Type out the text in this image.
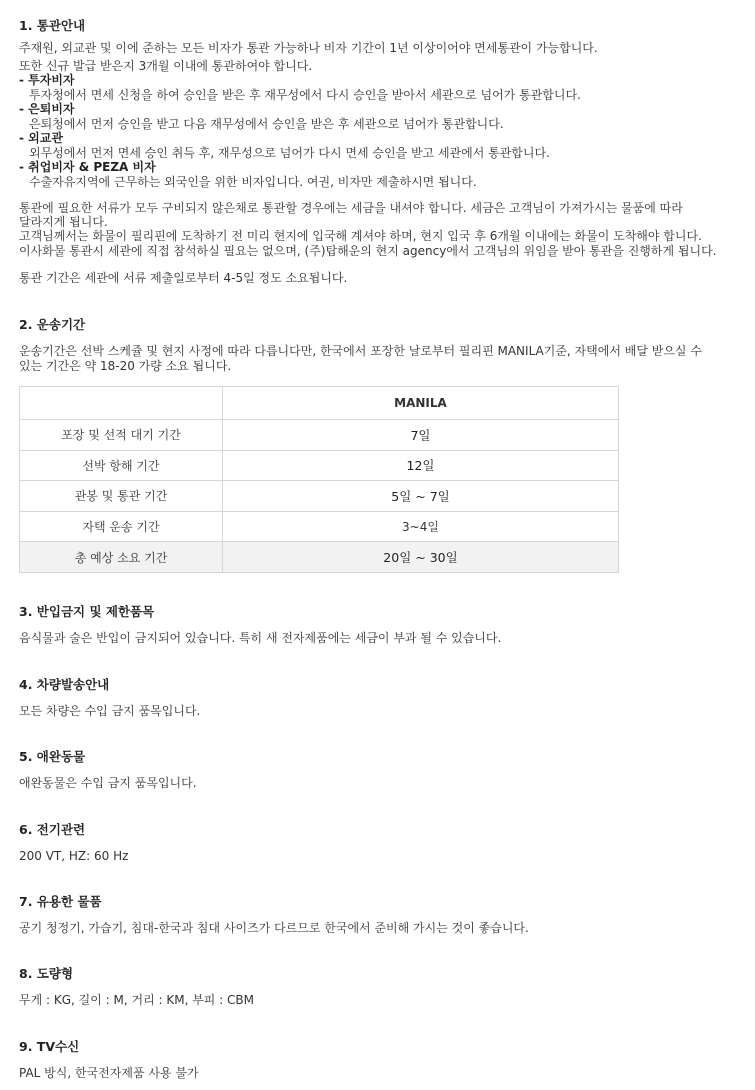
1. 통관안내
주재원, 외교관 및 이에 준하는 모든 비자가 통관 가능하나 비자 기간이 1년 이상이어야 면세통관이 가능합니다.
또한 신규 발급 받은지 3개월 이내에 통관하여야 합니다.
- 투자비자
투자청에서 면세 신청을 하여 승인을 받은 후 재무성에서 다시 승인을 받아서 세관으로 넘어가 통관합니다.
- 은퇴비자
은퇴청에서 먼저 승인을 받고 다음 재무성에서 승인을 받은 후 세관으로 넘어가 통관합니다.
- 외교관
외무성에서 먼저 면세 승인 취득 후, 재무성으로 넘어가 다시 면세 승인을 받고 세관에서 통관합니다.
- 취업비자 & PEZA 비자
수출자유지역에 근무하는 외국인을 위한 비자입니다. 여권, 비자만 제출하시면 됩니다.
통관에 필요한 서류가 모두 구비되지 않은채로 통관할 경우에는 세금을 내셔야 합니다. 세금은 고객님이 가져가시는 물품에 따라
달라지게 됩니다.
고객님께서는 화물이 필리핀에 도착하기 전 미리 현지에 입국해 계셔야 하며, 현지 입국 후 6개월 이내에는 화물이 도착해야 합니다.
이사화물 통관시 세관에 직접 참석하실 필요는 없으며, (주)탑해운의 현지 agency에서 고객님의 위임을 받아 통관을 진행하게 됩니다.
통관 기간은 세관에 서류 제출일로부터 4-5일 정도 소요됩니다.
2. 운송기간
운송기간은 선박 스케쥴 및 현지 사정에 따라 다릅니다만, 한국에서 포장한 날로부터 필리핀 MANILA기준, 자택에서 배달 받으실 수
있는 기간은 약 18-20 가량 소요 됩니다.
	MANILA
포장 및 선적 대기 기간	7일
선박 항해 기간	12일
관봉 및 통관 기간	5일 ~ 7일
자택 운송 기간	3~4일
총 예상 소요 기간	20일 ~ 30일
3. 반입금지 및 제한품목
음식물과 술은 반입이 금지되어 있습니다. 특히 새 전자제품에는 세금이 부과 될 수 있습니다.
4. 차량발송안내
모든 차량은 수입 금지 품목입니다.
5. 애완동물
애완동물은 수입 금지 품목입니다.
6. 전기관련
200 VT, HZ: 60 Hz
7. 유용한 물품
공기 청정기, 가습기, 침대-한국과 침대 사이즈가 다르므로 한국에서 준비해 가시는 것이 좋습니다.
8. 도량형
무게 : KG, 길이 : M, 거리 : KM, 부피 : CBM
9. TV수신
PAL 방식, 한국전자제품 사용 불가
